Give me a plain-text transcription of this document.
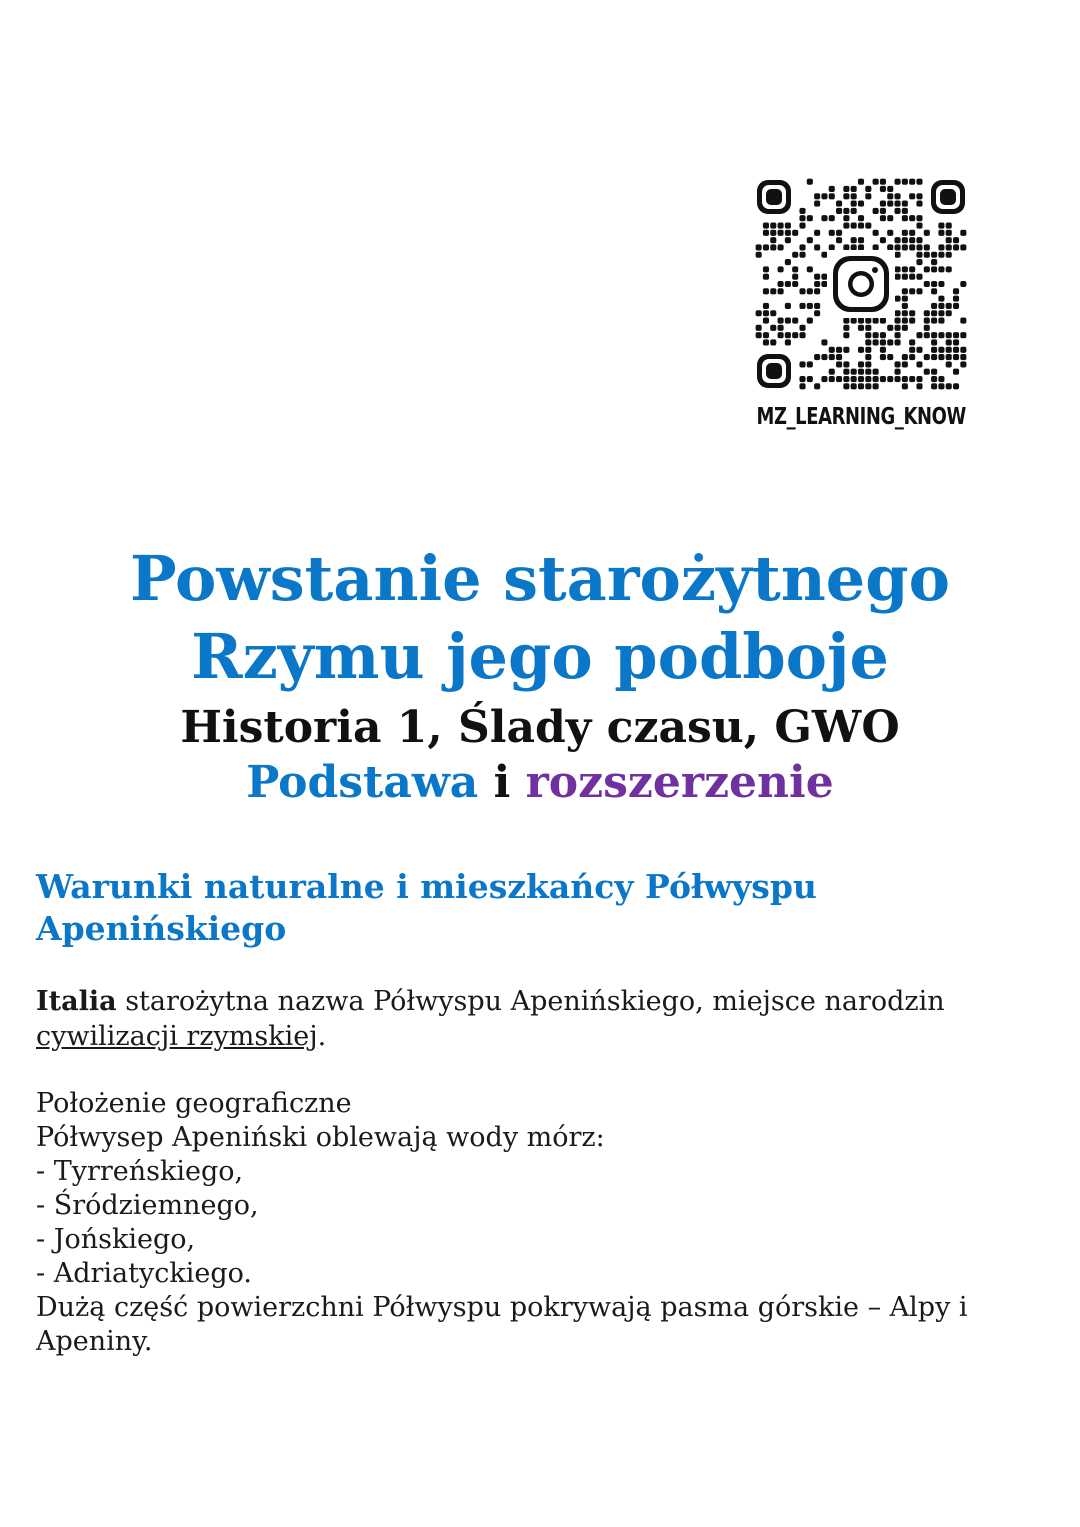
MZ_LEARNING_KNOW
Powstanie starożytnego
Rzymu jego podboje
Historia 1, Ślady czasu, GWO
Podstawa i rozszerzenie
Warunki naturalne i mieszkańcy Półwyspu Apenińskiego
Italia starożytna nazwa Półwyspu Apenińskiego, miejsce narodzin cywilizacji rzymskiej.
Położenie geograficzne
Półwysep Apeniński oblewają wody mórz:
- Tyrreńskiego,
- Śródziemnego,
- Jońskiego,
- Adriatyckiego.
Dużą część powierzchni Półwyspu pokrywają pasma górskie – Alpy i Apeniny.
